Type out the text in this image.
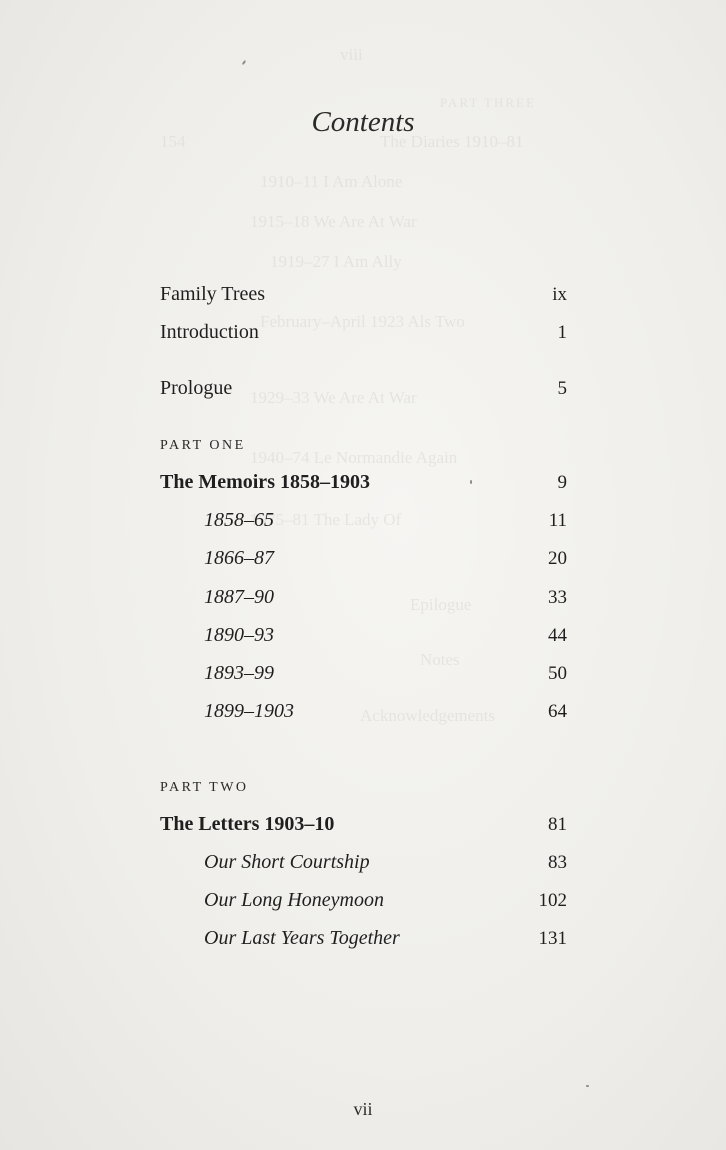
viii
PART THREE
The Diaries 1910–81
154
1910–11 I Am Alone
1915–18 We Are At War
1919–27 I Am Ally
February–April 1923 Als Two
1929–33 We Are At War
1940–74 Le Normandie Again
1975–81 The Lady Of
Epilogue
Notes
Acknowledgements
Contents
Family Trees	ix
Introduction	1
Prologue	5
PART ONE
The Memoirs 1858–1903	9
1858–65	11
1866–87	20
1887–90	33
1890–93	44
1893–99	50
1899–1903	64
PART TWO
The Letters 1903–10	81
Our Short Courtship	83
Our Long Honeymoon	102
Our Last Years Together	131
vii
